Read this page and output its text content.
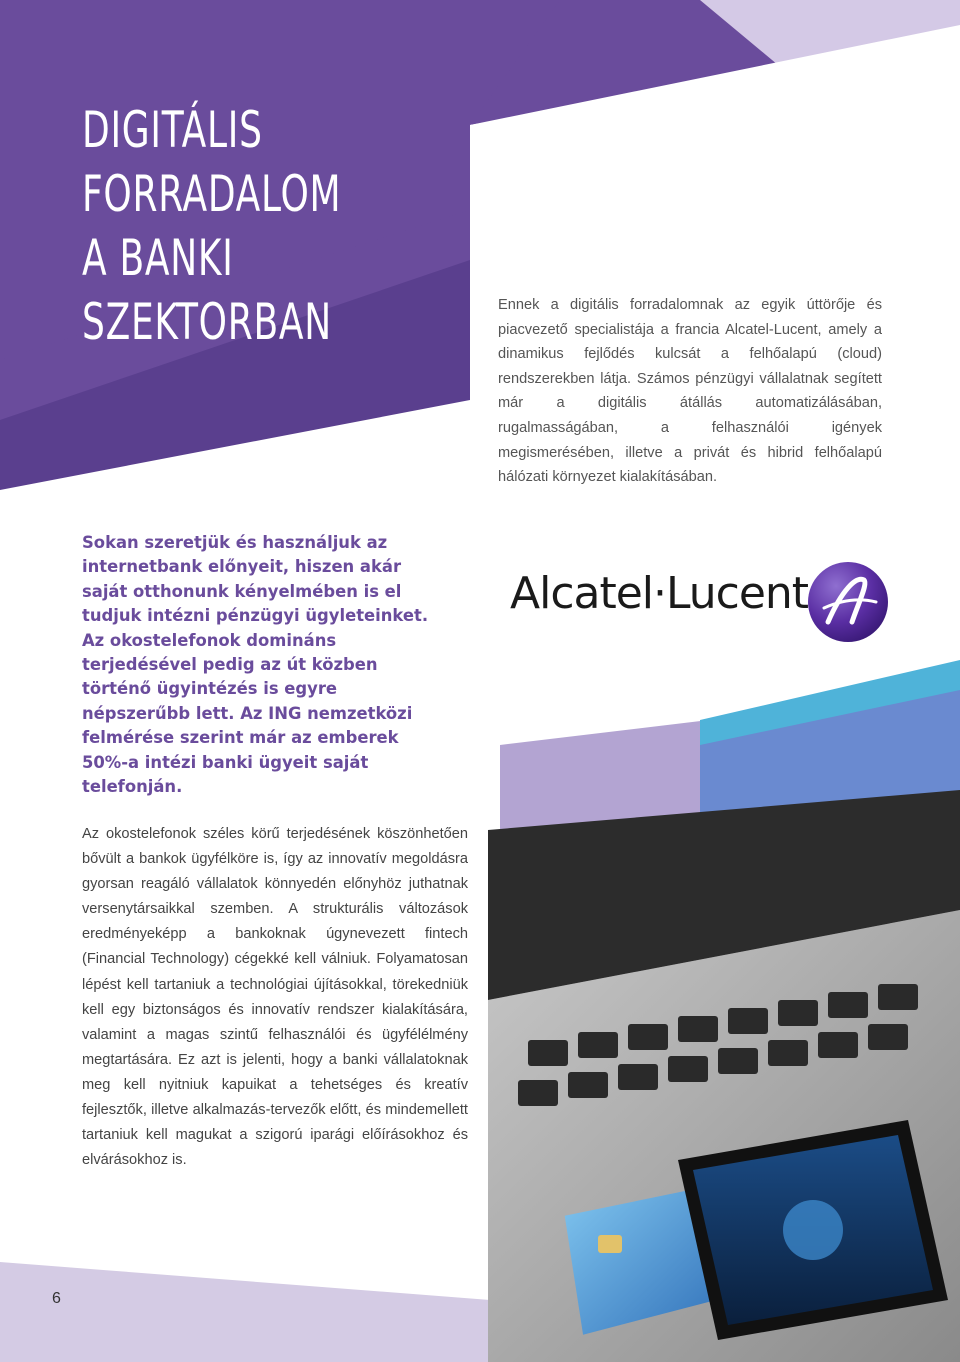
DIGITÁLIS
FORRADALOM
A BANKI
SZEKTORBAN	Ennek a digitális forradalomnak az egyik úttörője és piacvezető specialistája a francia Alcatel-Lucent, amely a dinamikus fejlődés kulcsát a felhőalapú (cloud) rendszerekben látja. Számos pénzügyi vállalatnak segített már a digitális átállás automatizálásában, rugalmasságában, a felhasználói igények megismerésében, illetve a privát és hibrid felhőalapú hálózati környezet kialakításában.

Sokan szeretjük és használjuk az internetbank előnyeit, hiszen akár saját otthonunk kényelmében is el tudjuk intézni pénzügyi ügyleteinket. Az okostelefonok domináns terjedésével pedig az út közben történő ügyintézés is egyre népszerűbb lett. Az ING nemzetközi felmérése szerint már az emberek 50%-a intézi banki ügyeit saját telefonján.

Alcatel·Lucent

Az okostelefonok széles körű terjedésének köszönhetően bővült a bankok ügyfélköre is, így az innovatív megoldásra gyorsan reagáló vállalatok könnyedén előnyhöz juthatnak versenytársaikkal szemben. A strukturális változások eredményeképp a bankoknak úgynevezett fintech (Financial Technology) cégekké kell válniuk. Folyamatosan lépést kell tartaniuk a technológiai újításokkal, törekedniük kell egy biztonságos és innovatív rendszer kialakítására, valamint a magas szintű felhasználói és ügyfélélmény megtartására. Ez azt is jelenti, hogy a banki vállalatoknak meg kell nyitniuk kapuikat a tehetséges és kreatív fejlesztők, illetve alkalmazás-tervezők előtt, és mindemellett tartaniuk kell magukat a szigorú iparági előírásokhoz és elvárásokhoz is.

6
